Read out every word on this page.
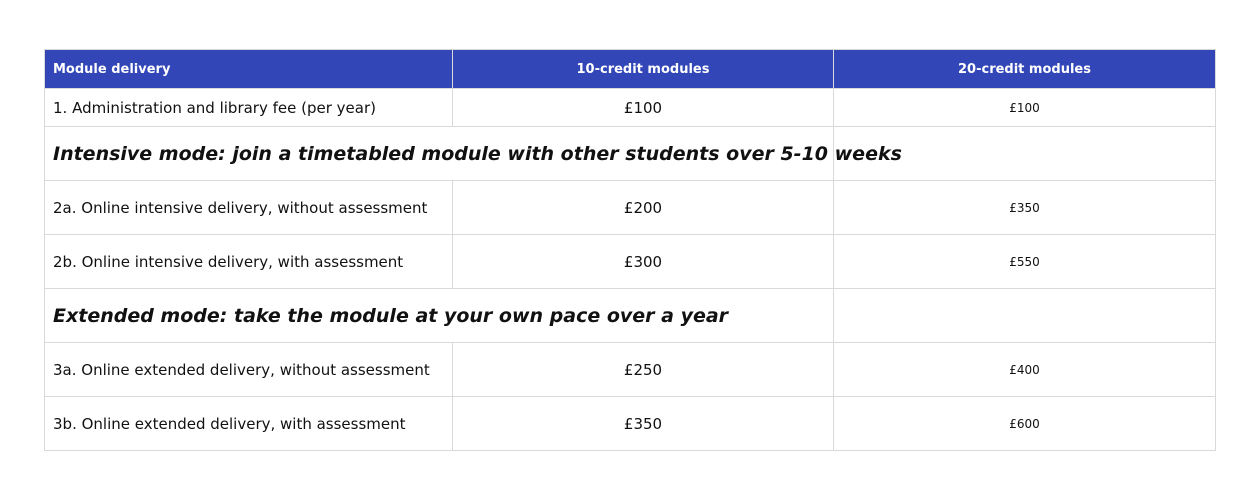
Module delivery	10-credit modules	20-credit modules
1. Administration and library fee (per year)	£100	£100
Intensive mode: join a timetabled module with other students over 5-10 weeks		
2a. Online intensive delivery, without assessment	£200	£350
2b. Online intensive delivery, with assessment	£300	£550
Extended mode: take the module at your own pace over a year		
3a. Online extended delivery, without assessment	£250	£400
3b. Online extended delivery, with assessment	£350	£600
